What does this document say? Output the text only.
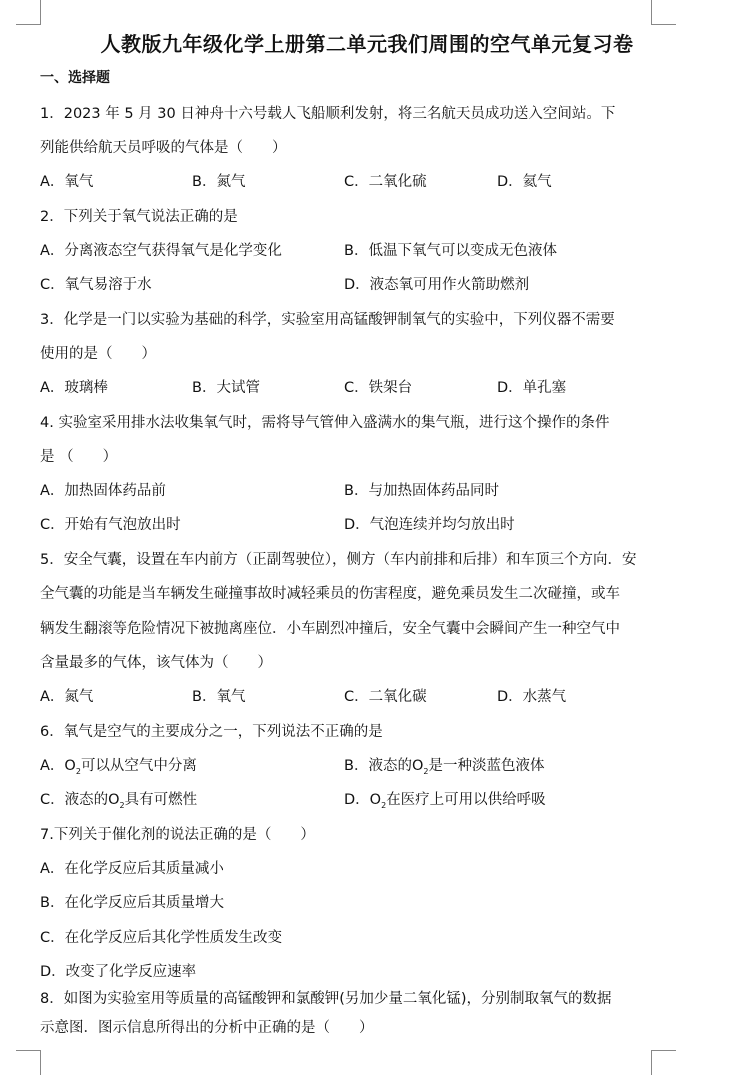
人教版九年级化学上册第二单元我们周围的空气单元复习卷
一、选择题
1．2023 年 5 月 30 日神舟十六号载人飞船顺利发射，将三名航天员成功送入空间站。下
列能供给航天员呼吸的气体是（　　）
A．氧气	B．氮气	C．二氧化硫	D．氦气
2．下列关于氧气说法正确的是
A．分离液态空气获得氧气是化学变化	B．低温下氧气可以变成无色液体
C．氧气易溶于水	D．液态氧可用作火箭助燃剂
3．化学是一门以实验为基础的科学，实验室用高锰酸钾制氧气的实验中，下列仪器不需要
使用的是（　　）
A．玻璃棒	B．大试管	C．铁架台	D．单孔塞
4. 实验室采用排水法收集氧气时，需将导气管伸入盛满水的集气瓶，进行这个操作的条件
是 （　　）
A．加热固体药品前	B．与加热固体药品同时
C．开始有气泡放出时	D．气泡连续并均匀放出时
5．安全气囊，设置在车内前方（正副驾驶位），侧方（车内前排和后排）和车顶三个方向．安
全气囊的功能是当车辆发生碰撞事故时减轻乘员的伤害程度，避免乘员发生二次碰撞，或车
辆发生翻滚等危险情况下被抛离座位．小车剧烈冲撞后，安全气囊中会瞬间产生一种空气中
含量最多的气体，该气体为（　　）
A．氮气	B．氧气	C．二氧化碳	D．水蒸气
6．氧气是空气的主要成分之一，下列说法不正确的是
A．$O_2$可以从空气中分离	B．液态的$O_2$是一种淡蓝色液体
C．液态的$O_2$具有可燃性	D．$O_2$在医疗上可用以供给呼吸
7.下列关于催化剂的说法正确的是（　　）
A．在化学反应后其质量减小
B．在化学反应后其质量增大
C．在化学反应后其化学性质发生改变
D．改变了化学反应速率
8．如图为实验室用等质量的高锰酸钾和氯酸钾(另加少量二氧化锰)，分别制取氧气的数据
示意图．图示信息所得出的分析中正确的是（　　）
